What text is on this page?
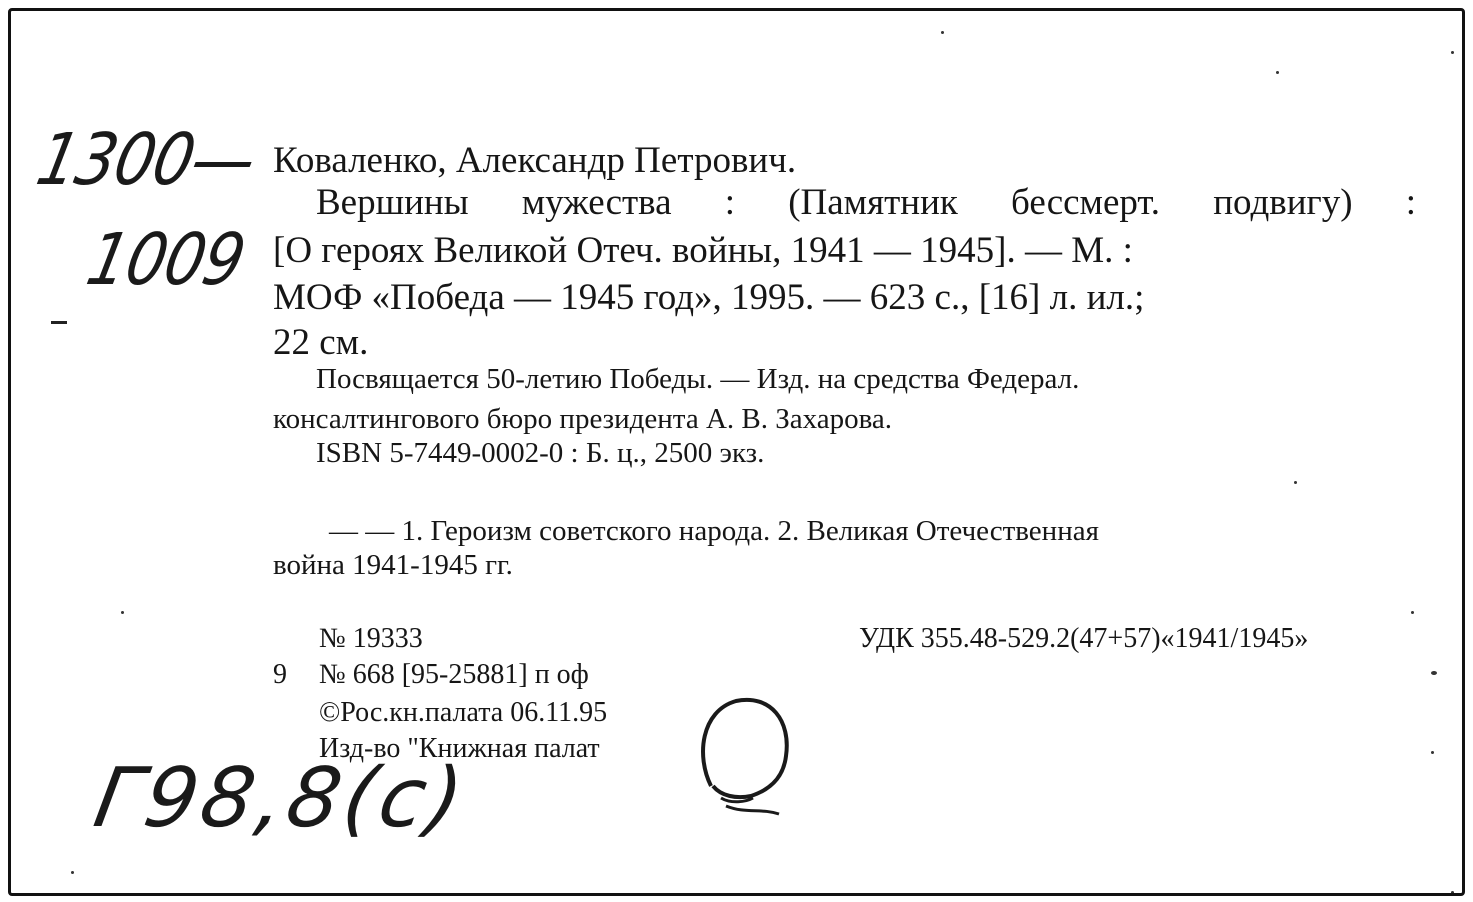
1300—
1009
Коваленко, Александр Петрович.
Вершины мужества : (Памятник бессмерт. подвигу) :
[О героях Великой Отеч. войны, 1941 — 1945]. — М. :
МОФ «Победа — 1945 год», 1995. — 623 с., [16] л. ил.;
22 см.
Посвящается 50-летию Победы. — Изд. на средства Федерал.
консалтингового бюро президента А. В. Захарова.
ISBN 5-7449-0002-0 : Б. ц., 2500 экз.
— — 1. Героизм советского народа. 2. Великая Отечественная
война 1941-1945 гг.
№ 19333	УДК 355.48-529.2(47+57)«1941/1945»
9 № 668 [95-25881] п оф
©Рос.кн.палата 06.11.95
Изд-во "Книжная палат
Г98,8(с)
